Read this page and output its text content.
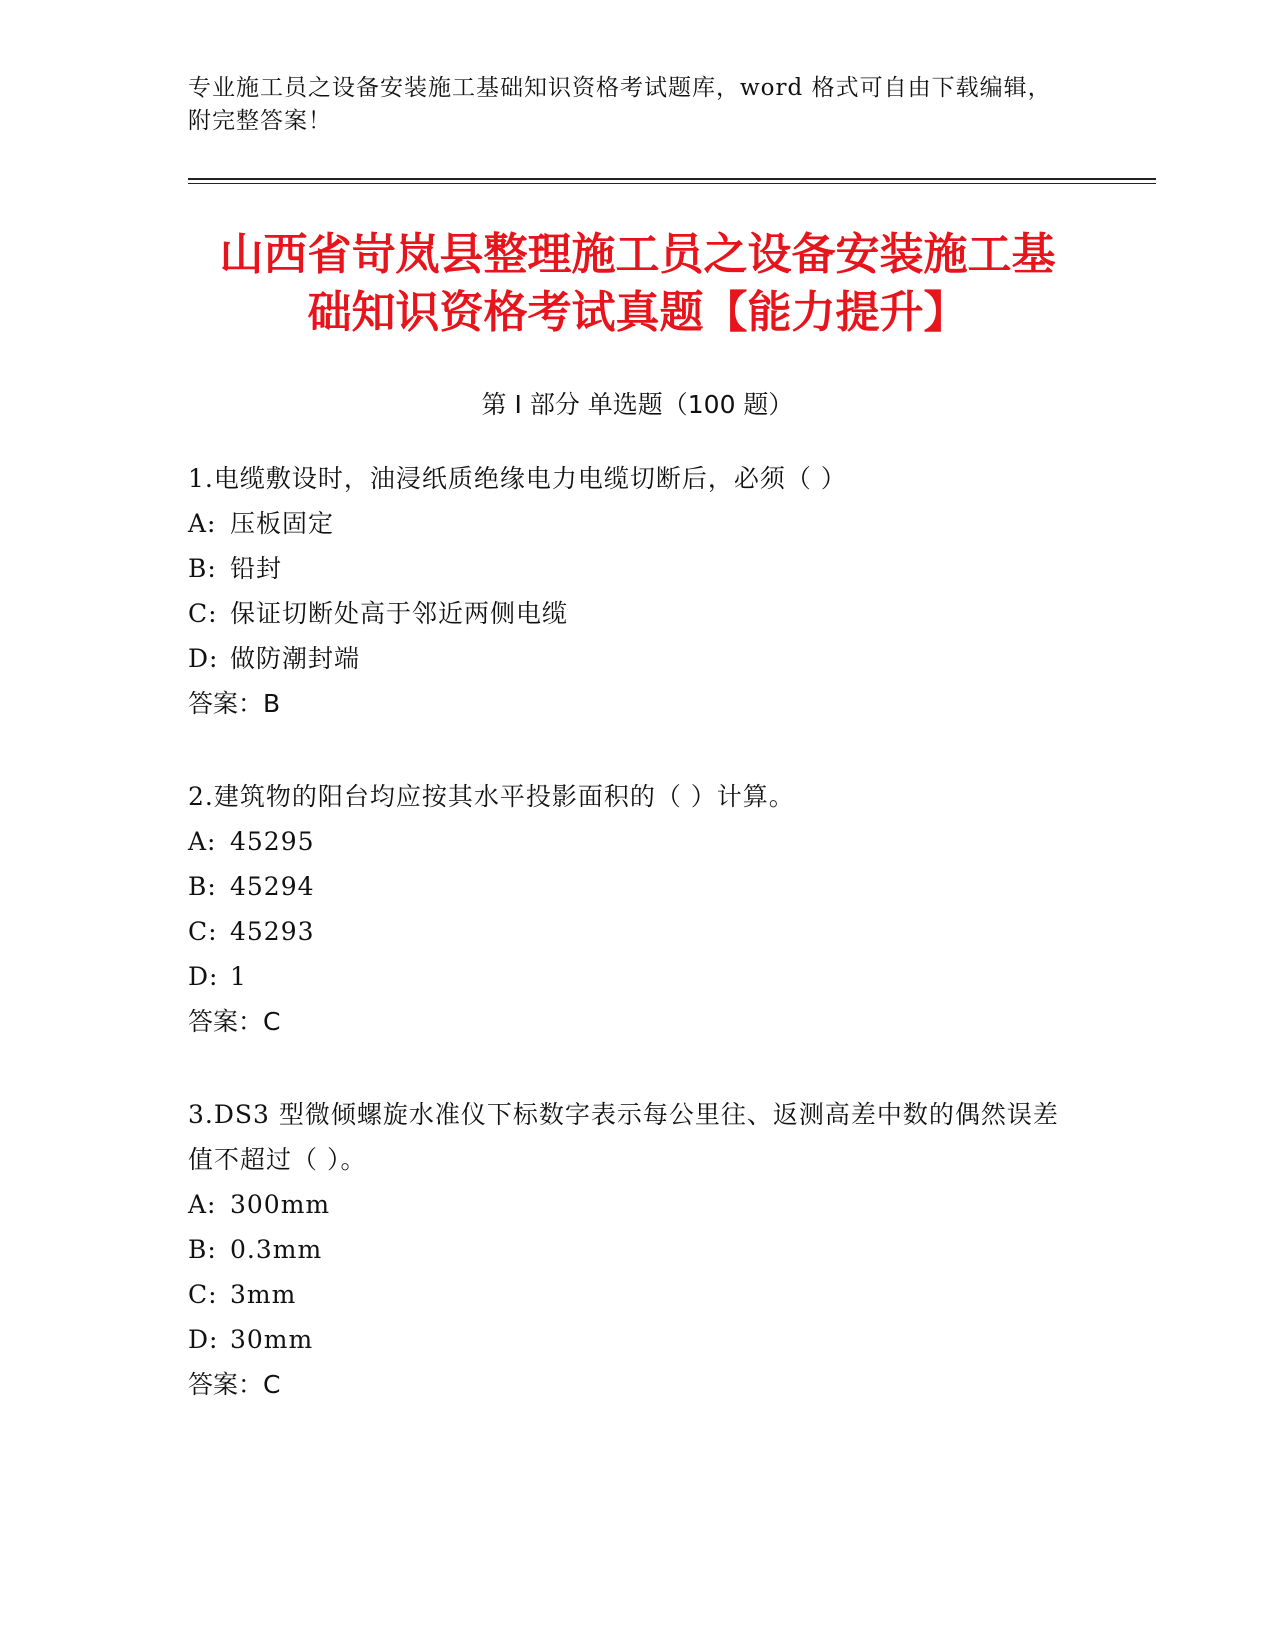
专业施工员之设备安装施工基础知识资格考试题库，word 格式可自由下载编辑，附完整答案！
山西省岢岚县整理施工员之设备安装施工基
础知识资格考试真题【能力提升】
第 I 部分 单选题（100 题）
1.电缆敷设时，油浸纸质绝缘电力电缆切断后，必须（ ）
A: 压板固定
B: 铅封
C: 保证切断处高于邻近两侧电缆
D: 做防潮封端
答案：B
2.建筑物的阳台均应按其水平投影面积的（ ）计算。
A: 45295
B: 45294
C: 45293
D: 1
答案：C
3.DS3 型微倾螺旋水准仪下标数字表示每公里往、返测高差中数的偶然误差值不超过（ ）。
A: 300mm
B: 0.3mm
C: 3mm
D: 30mm
答案：C
